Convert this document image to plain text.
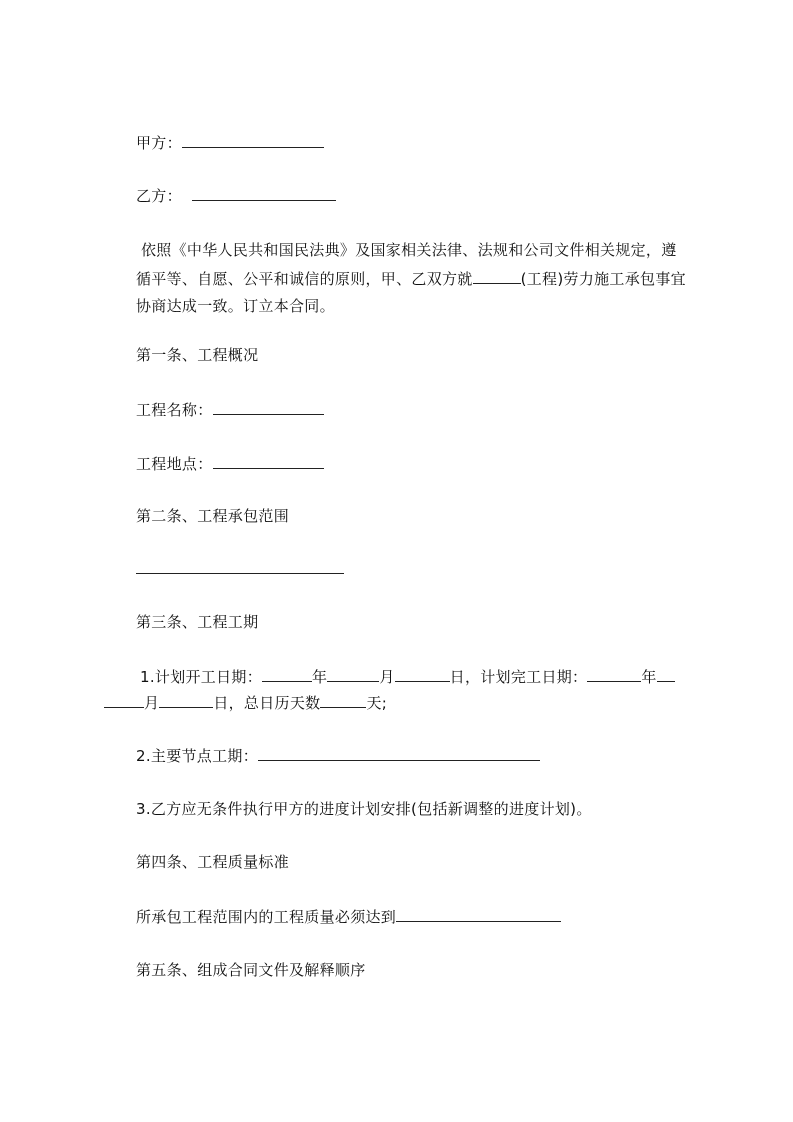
甲方：
乙方：
依照《中华人民共和国民法典》及国家相关法律、法规和公司文件相关规定，遵
循平等、自愿、公平和诚信的原则，甲、乙双方就	(工程)劳力施工承包事宜
协商达成一致。订立本合同。
第一条、工程概况
工程名称：
工程地点：
第二条、工程承包范围
第三条、工程工期
1.计划开工日期：	年	月	日，计划完工日期：	年
月	日，总日历天数	天;
2.主要节点工期：
3.乙方应无条件执行甲方的进度计划安排(包括新调整的进度计划)。
第四条、工程质量标准
所承包工程范围内的工程质量必须达到
第五条、组成合同文件及解释顺序
